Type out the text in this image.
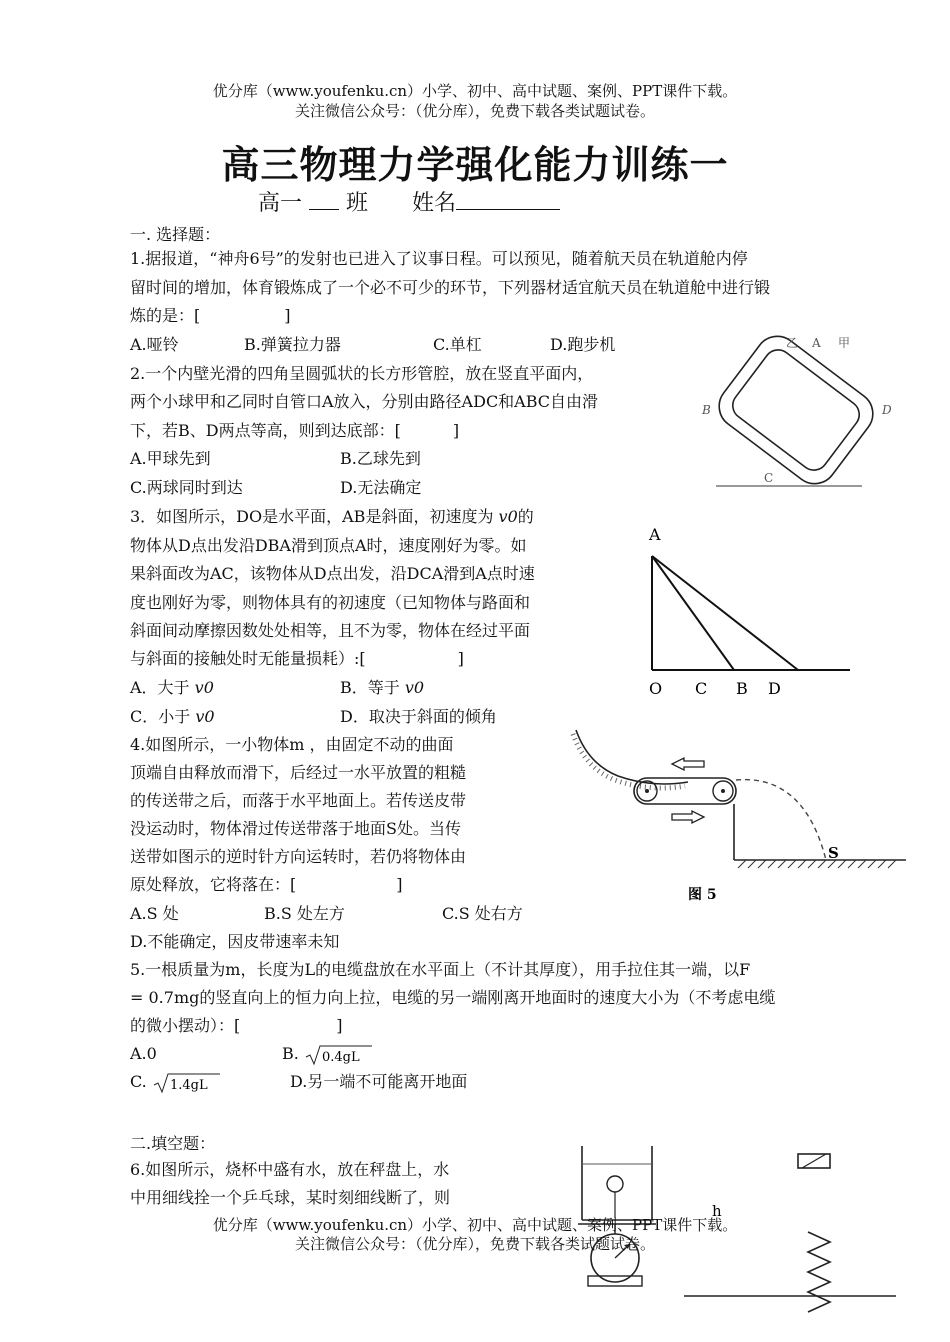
优分库（www.youfenku.cn）小学、初中、高中试题、案例、PPT课件下载。
关注微信公众号：（优分库），免费下载各类试题试卷。
高三物理力学强化能力训练一
高一 班 姓名
一. 选择题：
1.据报道，“神舟6号”的发射也已进入了议事日程。可以预见，随着航天员在轨道舱内停
留时间的增加，体育锻炼成了一个必不可少的环节，下列器材适宜航天员在轨道舱中进行锻
炼的是：[	]
A.哑铃	B.弹簧拉力器	C.单杠	D.跑步机
2.一个内壁光滑的四角呈圆弧状的长方形管腔，放在竖直平面内，
两个小球甲和乙同时自管口A放入，分别由路径ADC和ABC自由滑
下，若B、D两点等高，则到达底部：[	]
A.甲球先到	B.乙球先到
C.两球同时到达	D.无法确定
乙 A 甲
B	D
C
3．如图所示，DO是水平面，AB是斜面，初速度为 v0的
物体从D点出发沿DBA滑到顶点A时，速度刚好为零。如
果斜面改为AC，该物体从D点出发，沿DCA滑到A点时速
度也刚好为零，则物体具有的初速度（已知物体与路面和
斜面间动摩擦因数处处相等，且不为零，物体在经过平面
与斜面的接触处时无能量损耗）:[	]
A．大于 v0	B．等于 v0
C．小于 v0	D．取决于斜面的倾角
A
O C B D
4.如图所示，一小物体m ，由固定不动的曲面
顶端自由释放而滑下，后经过一水平放置的粗糙
的传送带之后，而落于水平地面上。若传送皮带
没运动时，物体滑过传送带落于地面S处。当传
送带如图示的逆时针方向运转时，若仍将物体由
原处释放，它将落在：[	]
A.S 处	B.S 处左方	C.S 处右方
D.不能确定，因皮带速率未知
S
图 5
5.一根质量为m，长度为L的电缆盘放在水平面上（不计其厚度），用手拉住其一端，以F
= 0.7mg的竖直向上的恒力向上拉，电缆的另一端刚离开地面时的速度大小为（不考虑电缆
的微小摆动）：[	]
A.0	B. 0.4gL
C. 1.4gL	D.另一端不可能离开地面
二.填空题：
6.如图所示，烧杯中盛有水，放在秤盘上，水
中用细线拴一个乒乓球，某时刻细线断了，则
h
优分库（www.youfenku.cn）小学、初中、高中试题、案例、PPT课件下载。
关注微信公众号：（优分库），免费下载各类试题试卷。
